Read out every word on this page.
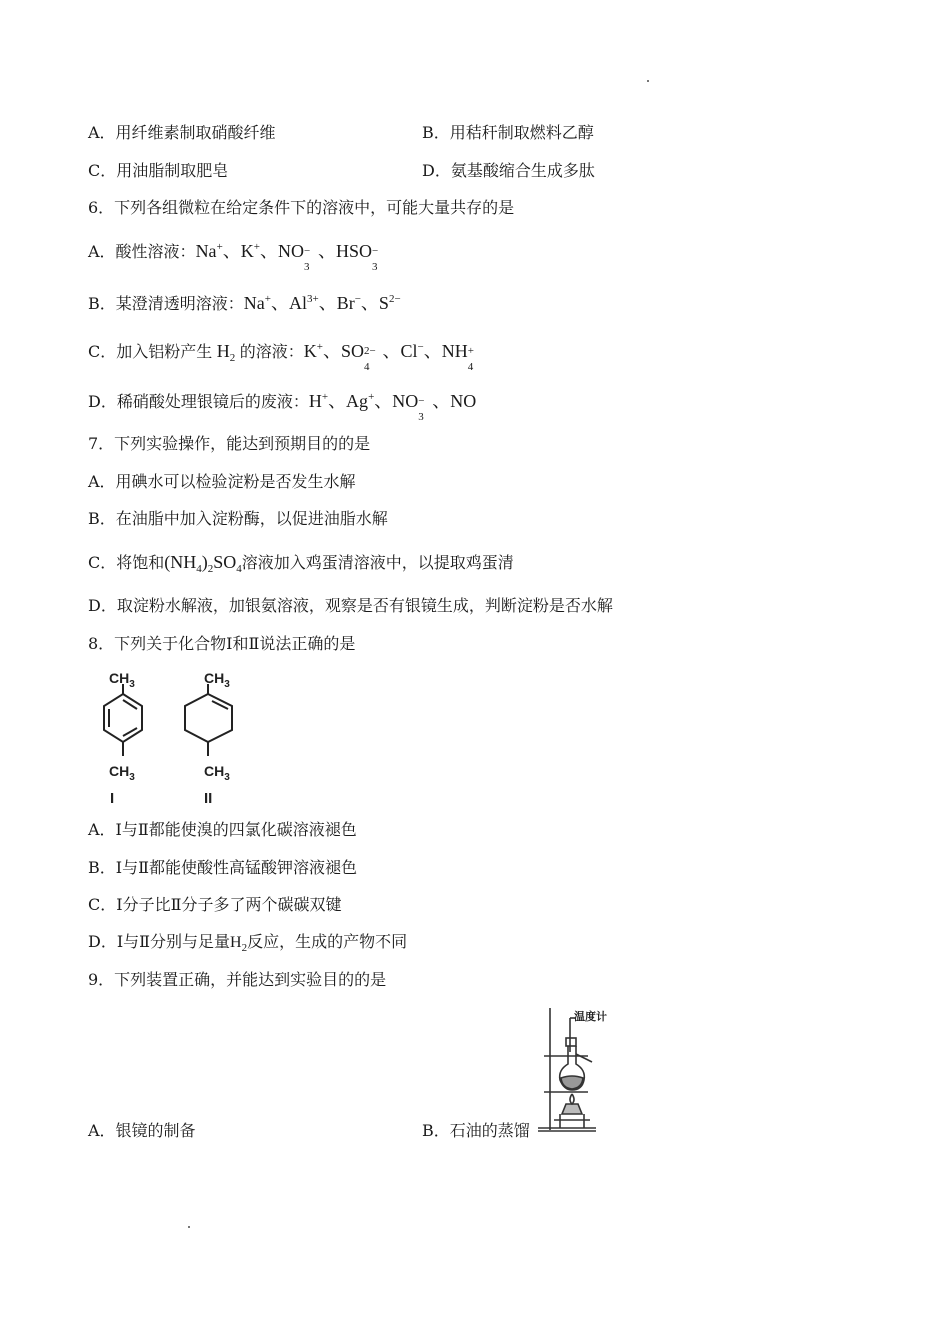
A．用纤维素制取硝酸纤维	B．用秸秆制取燃料乙醇
C．用油脂制取肥皂	D．氨基酸缩合生成多肽
6．下列各组微粒在给定条件下的溶液中，可能大量共存的是
A．酸性溶液：Na+、K+、NO −
3
、HSO −
3
B．某澄清透明溶液：Na+、$Al^{3+}$、Br−、$S^{2-}$
C．加入铝粉产生 $H_2$ 的溶液：K+、SO 2−
4
、Cl−、NH +
4
D．稀硝酸处理银镜后的废液：H+、Ag+、NO −
3
、NO
7．下列实验操作，能达到预期目的的是
A．用碘水可以检验淀粉是否发生水解
B．在油脂中加入淀粉酶，以促进油脂水解
C．将饱和$(NH_4)_2SO_4$溶液加入鸡蛋清溶液中，以提取鸡蛋清
D．取淀粉水解液，加银氨溶液，观察是否有银镜生成，判断淀粉是否水解
8．下列关于化合物Ⅰ和Ⅱ说法正确的是
$CH_3$
$CH_3$
$CH_3$
$CH_3$
I	II
A．Ⅰ与Ⅱ都能使溴的四氯化碳溶液褪色
B．Ⅰ与Ⅱ都能使酸性高锰酸钾溶液褪色
C．Ⅰ分子比Ⅱ分子多了两个碳碳双键
D．Ⅰ与Ⅱ分别与足量$H_2$反应，生成的产物不同
9．下列装置正确，并能达到实验目的的是
温度计
A．银镜的制备	B．石油的蒸馏
